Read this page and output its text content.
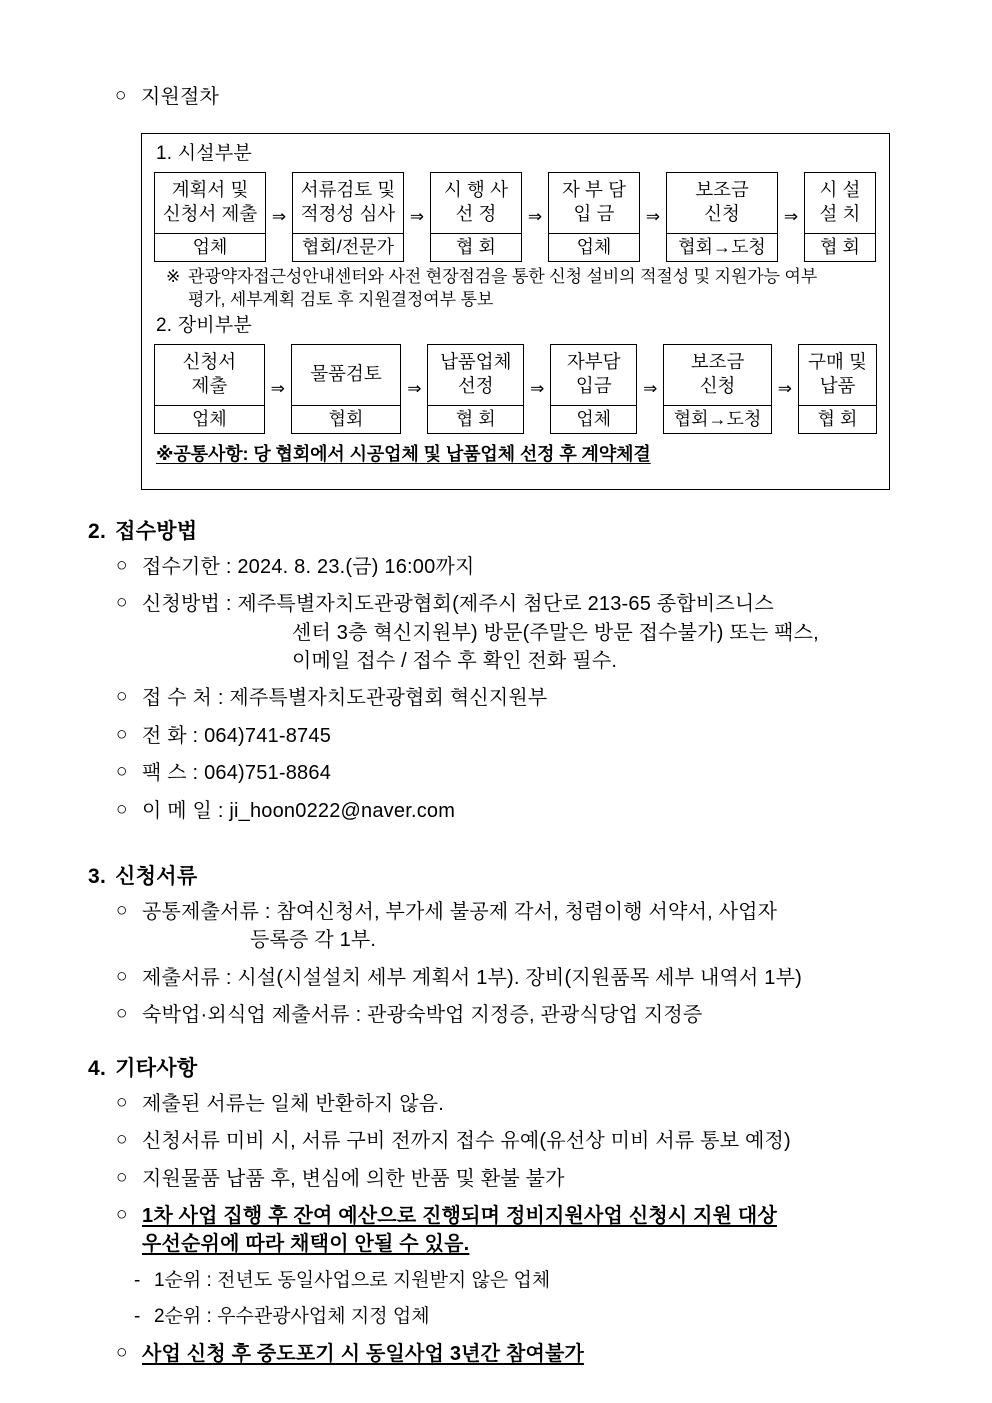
○ 지원절차
1. 시설부분
계획서 및
신청서 제출
업체
⇒
서류검토 및
적정성 심사
협회/전문가
⇒
시 행 사
선 정
협 회
⇒
자 부 담
입 금
업체
⇒
보조금
신청
협회→도청
⇒
시 설
설 치
협 회
※ 관광약자접근성안내센터와 사전 현장점검을 통한 신청 설비의 적절성 및 지원가능 여부
평가, 세부계획 검토 후 지원결정여부 통보
2. 장비부분
신청서
제출
업체
⇒
물품검토
협회
⇒
납품업체
선정
협 회
⇒
자부담
입금
업체
⇒
보조금
신청
협회→도청
⇒
구매 및
납품
협 회
※공통사항: 당 협회에서 시공업체 및 납품업체 선정 후 계약체결
2. 접수방법
○ 접수기한 : 2024. 8. 23.(금) 16:00까지
○ 신청방법 : 제주특별자치도관광협회(제주시 첨단로 213-65 종합비즈니스
센터 3층 혁신지원부) 방문(주말은 방문 접수불가) 또는 팩스,
이메일 접수 / 접수 후 확인 전화 필수.
○ 접 수 처 : 제주특별자치도관광협회 혁신지원부
○ 전 화 : 064)741-8745
○ 팩 스 : 064)751-8864
○ 이 메 일 : ji_hoon0222@naver.com
3. 신청서류
○ 공통제출서류 : 참여신청서, 부가세 불공제 각서, 청렴이행 서약서, 사업자
등록증 각 1부.
○ 제출서류 : 시설(시설설치 세부 계획서 1부). 장비(지원품목 세부 내역서 1부)
○ 숙박업·외식업 제출서류 : 관광숙박업 지정증, 관광식당업 지정증
4. 기타사항
○ 제출된 서류는 일체 반환하지 않음.
○ 신청서류 미비 시, 서류 구비 전까지 접수 유예(유선상 미비 서류 통보 예정)
○ 지원물품 납품 후, 변심에 의한 반품 및 환불 불가
○ 1차 사업 집행 후 잔여 예산으로 진행되며 정비지원사업 신청시 지원 대상
우선순위에 따라 채택이 안될 수 있음.
- 1순위 : 전년도 동일사업으로 지원받지 않은 업체
- 2순위 : 우수관광사업체 지정 업체
○ 사업 신청 후 중도포기 시 동일사업 3년간 참여불가
